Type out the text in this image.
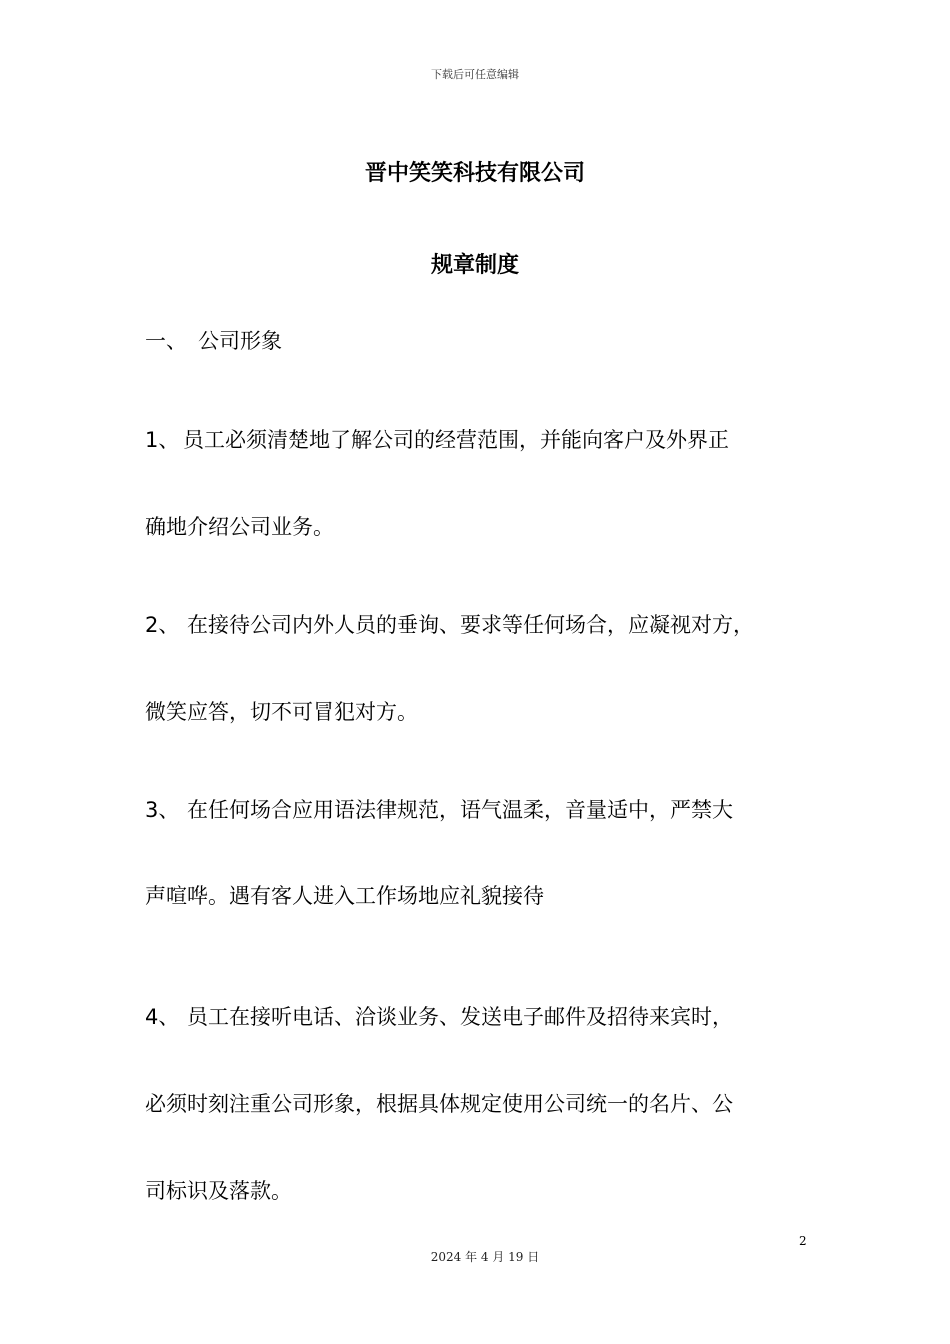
下载后可任意编辑
晋中笑笑科技有限公司
规章制度
一、 公司形象
1、 员工必须清楚地了解公司的经营范围，并能向客户及外界正
确地介绍公司业务。
2、 在接待公司内外人员的垂询、要求等任何场合，应凝视对方，
微笑应答，切不可冒犯对方。
3、 在任何场合应用语法律规范，语气温柔，音量适中，严禁大
声喧哗。遇有客人进入工作场地应礼貌接待
4、 员工在接听电话、洽谈业务、发送电子邮件及招待来宾时，
必须时刻注重公司形象，根据具体规定使用公司统一的名片、公
司标识及落款。
2
2024 年 4 月 19 日
